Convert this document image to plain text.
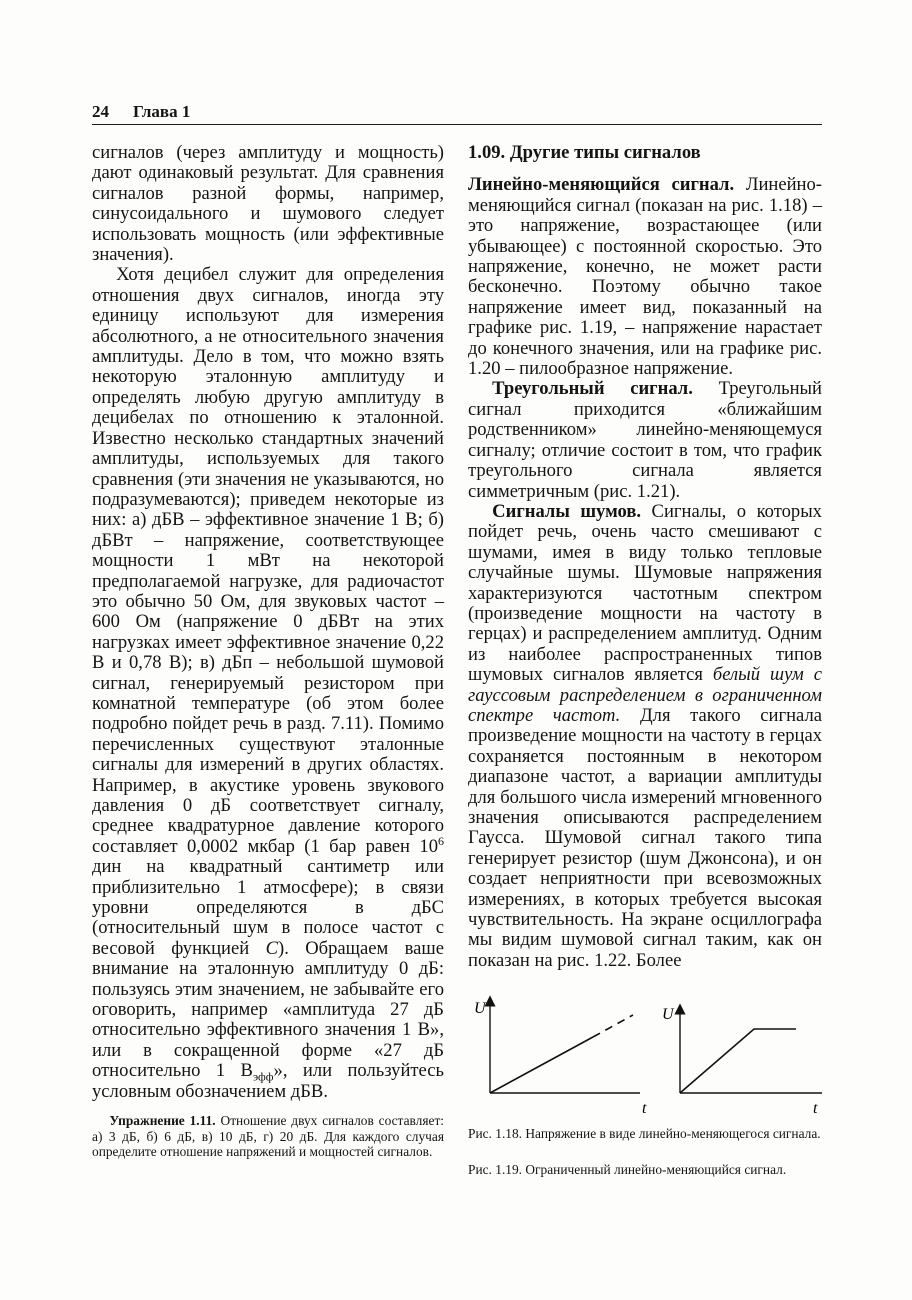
24 Глава 1

сигналов (через амплитуду и мощность) дают одинаковый результат. Для сравнения сигналов разной формы, например, синусоидального и шумового следует использовать мощность (или эффективные значения).

Хотя децибел служит для определения отношения двух сигналов, иногда эту единицу используют для измерения абсолютного, а не относительного значения амплитуды. Дело в том, что можно взять некоторую эталонную амплитуду и определять любую другую амплитуду в децибелах по отношению к эталонной. Известно несколько стандартных значений амплитуды, используемых для такого сравнения (эти значения не указываются, но подразумеваются); приведем некоторые из них: а) дБВ – эффективное значение 1 В; б) дБВт – напряжение, соответствующее мощности 1 мВт на некоторой предполагаемой нагрузке, для радиочастот это обычно 50 Ом, для звуковых частот – 600 Ом (напряжение 0 дБВт на этих нагрузках имеет эффективное значение 0,22 В и 0,78 В); в) дБп – небольшой шумовой сигнал, генерируемый резистором при комнатной температуре (об этом более подробно пойдет речь в разд. 7.11). Помимо перечисленных существуют эталонные сигналы для измерений в других областях. Например, в акустике уровень звукового давления 0 дБ соответствует сигналу, среднее квадратурное давление которого составляет 0,0002 мкбар (1 бар равен $10^6$ дин на квадратный сантиметр или приблизительно 1 атмосфере); в связи уровни определяются в дБС (относительный шум в полосе частот с весовой функцией С). Обращаем ваше внимание на эталонную амплитуду 0 дБ: пользуясь этим значением, не забывайте его оговорить, например «амплитуда 27 дБ относительно эффективного значения 1 В», или в сокращенной форме «27 дБ относительно 1 $В_{эфф}$», или пользуйтесь условным обозначением дБВ.

Упражнение 1.11. Отношение двух сигналов составляет: а) 3 дБ, б) 6 дБ, в) 10 дБ, г) 20 дБ. Для каждого случая определите отношение напряжений и мощностей сигналов.

1.09. Другие типы сигналов

Линейно-меняющийся сигнал. Линейно-меняющийся сигнал (показан на рис. 1.18) – это напряжение, возрастающее (или убывающее) с постоянной скоростью. Это напряжение, конечно, не может расти бесконечно. Поэтому обычно такое напряжение имеет вид, показанный на графике рис. 1.19, – напряжение нарастает до конечного значения, или на графике рис. 1.20 – пилообразное напряжение.

Треугольный сигнал. Треугольный сигнал приходится «ближайшим родственником» линейно-меняющемуся сигналу; отличие состоит в том, что график треугольного сигнала является симметричным (рис. 1.21).

Сигналы шумов. Сигналы, о которых пойдет речь, очень часто смешивают с шумами, имея в виду только тепловые случайные шумы. Шумовые напряжения характеризуются частотным спектром (произведение мощности на частоту в герцах) и распределением амплитуд. Одним из наиболее распространенных типов шумовых сигналов является белый шум с гауссовым распределением в ограниченном спектре частот. Для такого сигнала произведение мощности на частоту в герцах сохраняется постоянным в некотором диапазоне частот, а вариации амплитуды для большого числа измерений мгновенного значения описываются распределением Гаусса. Шумовой сигнал такого типа генерирует резистор (шум Джонсона), и он создает неприятности при всевозможных измерениях, в которых требуется высокая чувствительность. На экране осциллографа мы видим шумовой сигнал таким, как он показан на рис. 1.22. Более

U
t
U
t
Рис. 1.18. Напряжение в виде линейно-меняющегося сигнала.
Рис. 1.19. Ограниченный линейно-меняющийся сигнал.
